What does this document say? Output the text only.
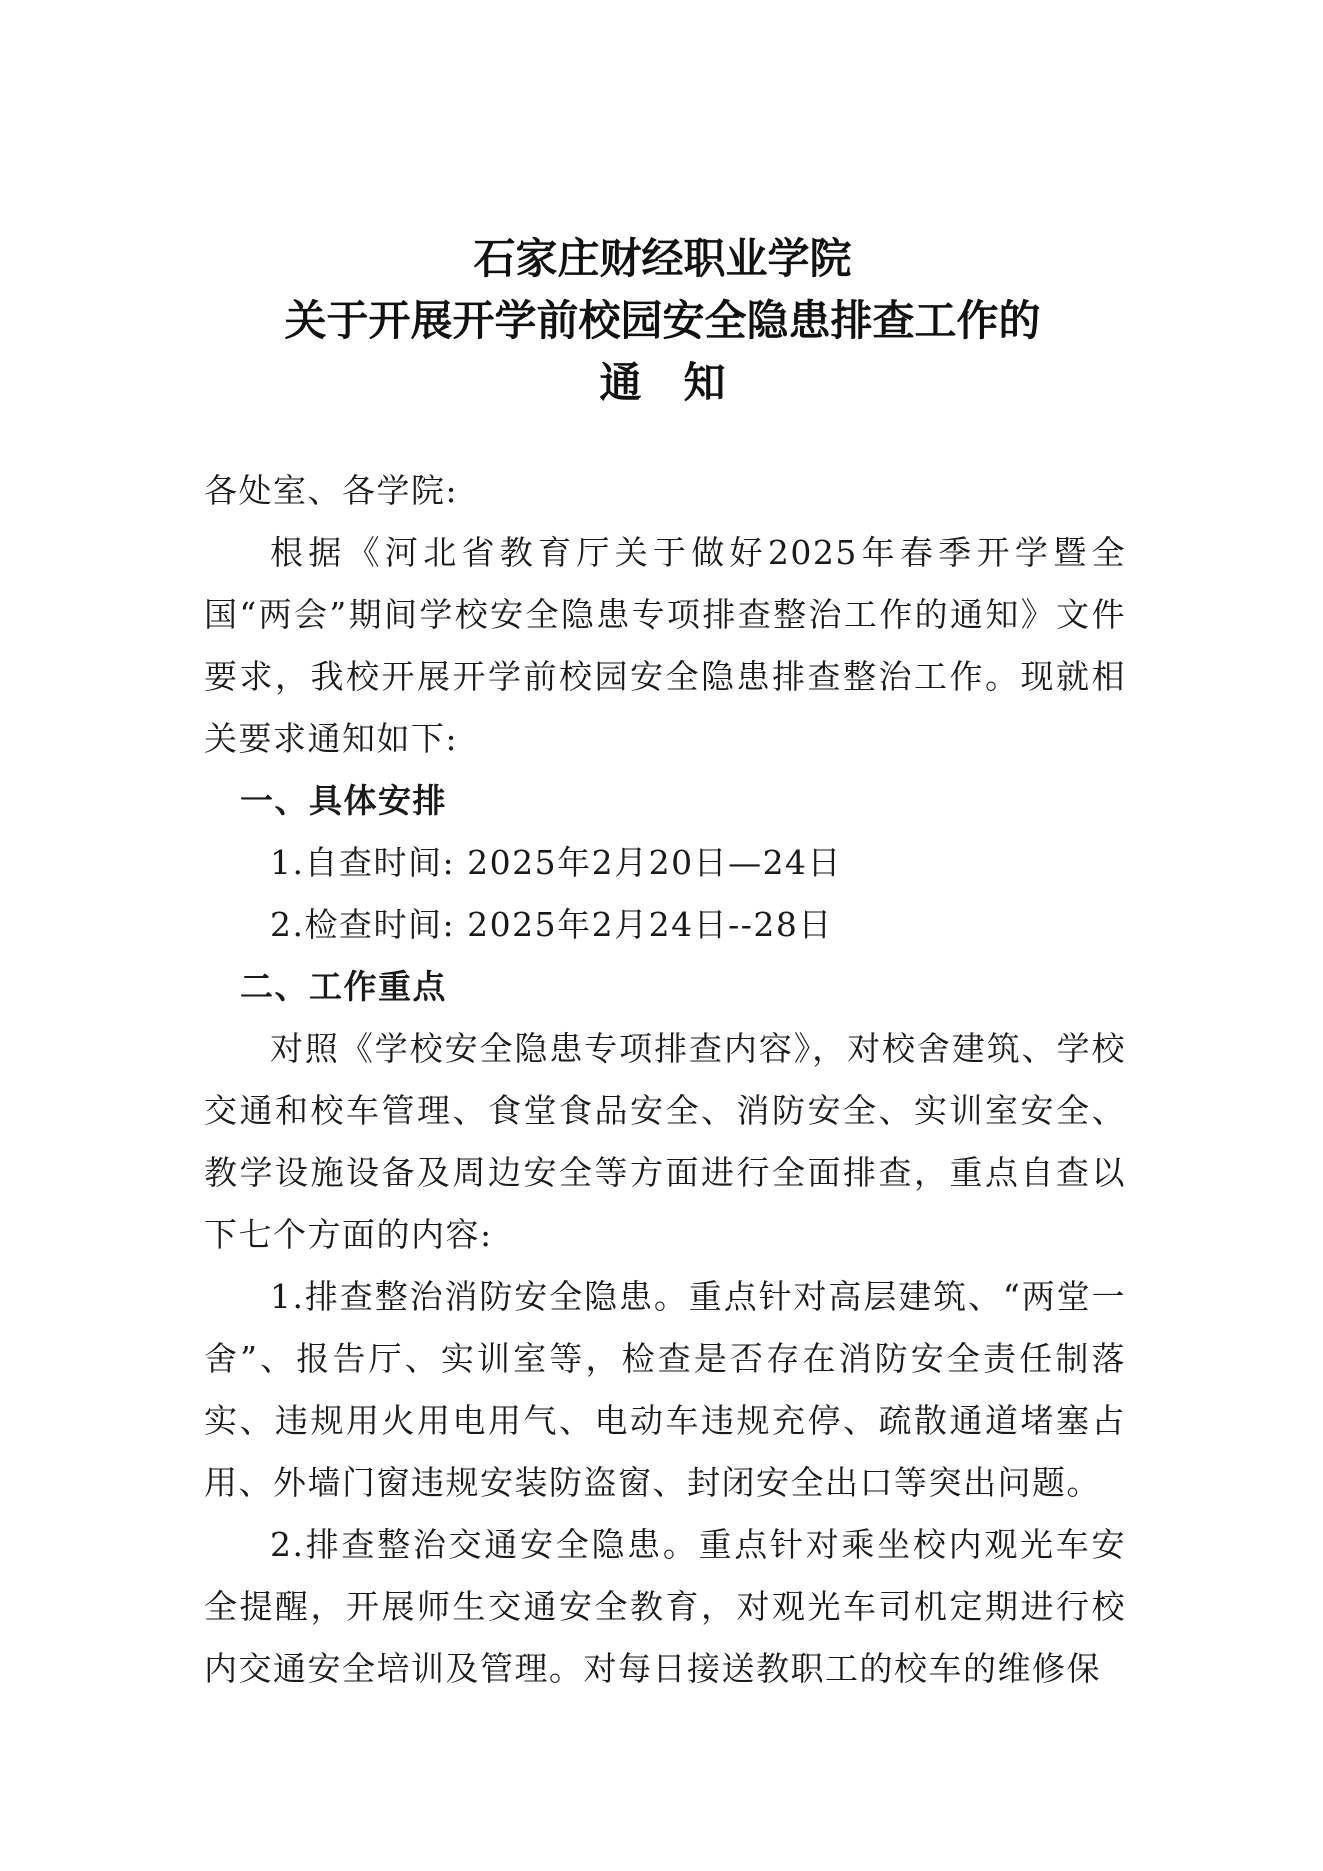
石家庄财经职业学院
关于开展开学前校园安全隐患排查工作的
通　知

各处室、各学院:

根据《河北省教育厅关于做好2025年春季开学暨全国“两会”期间学校安全隐患专项排查整治工作的通知》文件要求，我校开展开学前校园安全隐患排查整治工作。现就相关要求通知如下:

一、具体安排

1.自查时间: 2025年2月20日—24日

2.检查时间: 2025年2月24日--28日

二、工作重点

对照《学校安全隐患专项排查内容》，对校舍建筑、学校交通和校车管理、食堂食品安全、消防安全、实训室安全、教学设施设备及周边安全等方面进行全面排查，重点自查以下七个方面的内容:

1.排查整治消防安全隐患。重点针对高层建筑、“两堂一舍”、报告厅、实训室等，检查是否存在消防安全责任制落实、违规用火用电用气、电动车违规充停、疏散通道堵塞占用、外墙门窗违规安装防盗窗、封闭安全出口等突出问题。

2.排查整治交通安全隐患。重点针对乘坐校内观光车安全提醒，开展师生交通安全教育，对观光车司机定期进行校内交通安全培训及管理。对每日接送教职工的校车的维修保
